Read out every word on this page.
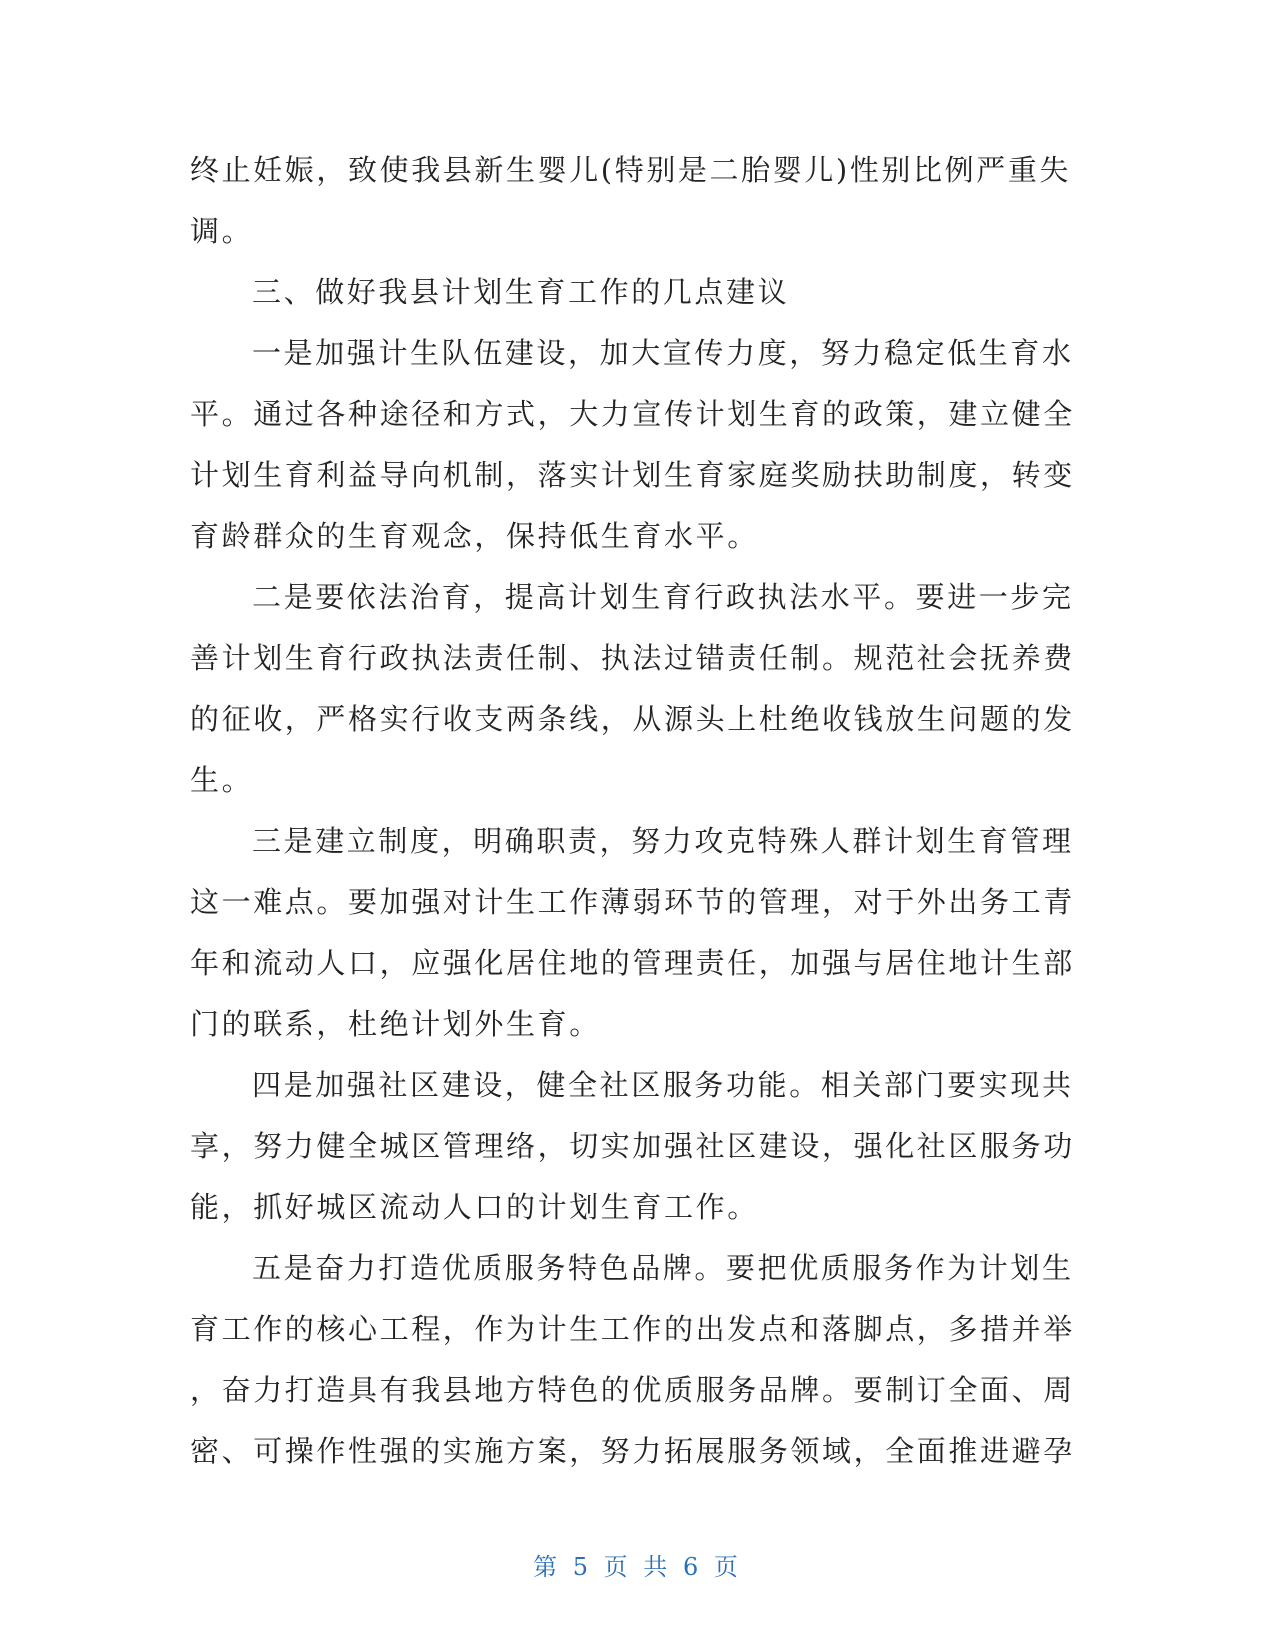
终止妊娠，致使我县新生婴儿(特别是二胎婴儿)性别比例严重失
调。
三、做好我县计划生育工作的几点建议
一是加强计生队伍建设，加大宣传力度，努力稳定低生育水
平。通过各种途径和方式，大力宣传计划生育的政策，建立健全
计划生育利益导向机制，落实计划生育家庭奖励扶助制度，转变
育龄群众的生育观念，保持低生育水平。
二是要依法治育，提高计划生育行政执法水平。要进一步完
善计划生育行政执法责任制、执法过错责任制。规范社会抚养费
的征收，严格实行收支两条线，从源头上杜绝收钱放生问题的发
生。
三是建立制度，明确职责，努力攻克特殊人群计划生育管理
这一难点。要加强对计生工作薄弱环节的管理，对于外出务工青
年和流动人口，应强化居住地的管理责任，加强与居住地计生部
门的联系，杜绝计划外生育。
四是加强社区建设，健全社区服务功能。相关部门要实现共
享，努力健全城区管理络，切实加强社区建设，强化社区服务功
能，抓好城区流动人口的计划生育工作。
五是奋力打造优质服务特色品牌。要把优质服务作为计划生
育工作的核心工程，作为计生工作的出发点和落脚点，多措并举
，奋力打造具有我县地方特色的优质服务品牌。要制订全面、周
密、可操作性强的实施方案，努力拓展服务领域，全面推进避孕
第 5 页 共 6 页
